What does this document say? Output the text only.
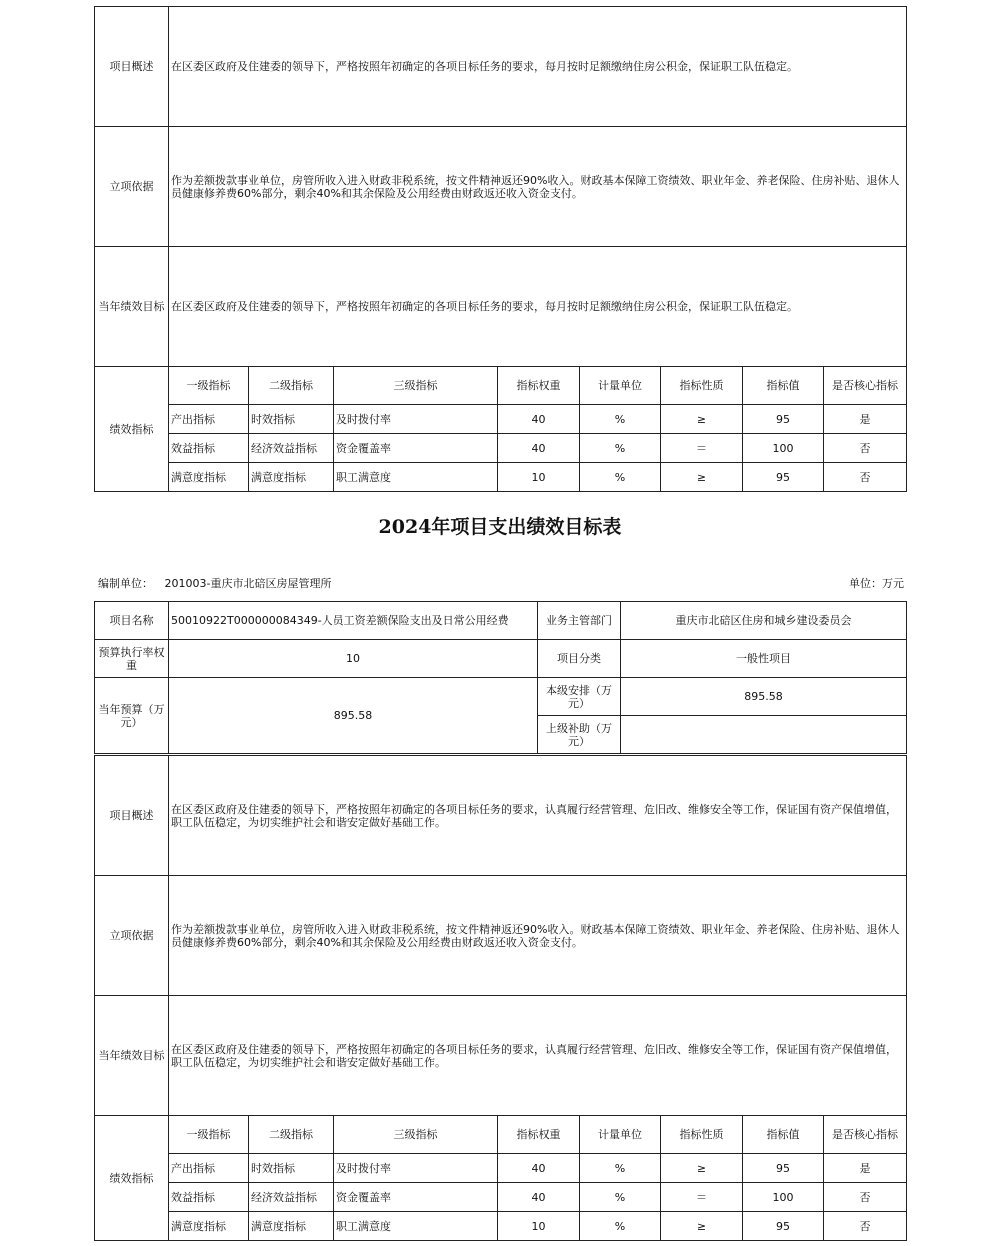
项目概述	在区委区政府及住建委的领导下，严格按照年初确定的各项目标任务的要求，每月按时足额缴纳住房公积金，保证职工队伍稳定。							
立项依据	作为差额拨款事业单位，房管所收入进入财政非税系统，按文件精神返还90%收入。财政基本保障工资绩效、职业年金、养老保险、住房补贴、退休人员健康修养费60%部分，剩余40%和其余保险及公用经费由财政返还收入资金支付。							
当年绩效目标	在区委区政府及住建委的领导下，严格按照年初确定的各项目标任务的要求，每月按时足额缴纳住房公积金，保证职工队伍稳定。							
绩效指标	一级指标	二级指标	三级指标	指标权重	计量单位	指标性质	指标值	是否核心指标
	产出指标	时效指标	及时拨付率	40	%	≥	95	是
	效益指标	经济效益指标	资金覆盖率	40	%	＝	100	否
	满意度指标	满意度指标	职工满意度	10	%	≥	95	否
2024年项目支出绩效目标表
编制单位： 201003-重庆市北碚区房屋管理所	单位：万元
项目名称	50010922T000000084349-人员工资差额保险支出及日常公用经费	业务主管部门	重庆市北碚区住房和城乡建设委员会
预算执行率权重	10	项目分类	一般性项目
当年预算（万元）	895.58	本级安排（万元）	895.58
		上级补助（万元）	
项目概述	在区委区政府及住建委的领导下，严格按照年初确定的各项目标任务的要求，认真履行经营管理、危旧改、维修安全等工作，保证国有资产保值增值，职工队伍稳定，为切实维护社会和谐安定做好基础工作。							
立项依据	作为差额拨款事业单位，房管所收入进入财政非税系统，按文件精神返还90%收入。财政基本保障工资绩效、职业年金、养老保险、住房补贴、退休人员健康修养费60%部分，剩余40%和其余保险及公用经费由财政返还收入资金支付。							
当年绩效目标	在区委区政府及住建委的领导下，严格按照年初确定的各项目标任务的要求，认真履行经营管理、危旧改、维修安全等工作，保证国有资产保值增值，职工队伍稳定，为切实维护社会和谐安定做好基础工作。							
绩效指标	一级指标	二级指标	三级指标	指标权重	计量单位	指标性质	指标值	是否核心指标
	产出指标	时效指标	及时拨付率	40	%	≥	95	是
	效益指标	经济效益指标	资金覆盖率	40	%	＝	100	否
	满意度指标	满意度指标	职工满意度	10	%	≥	95	否
